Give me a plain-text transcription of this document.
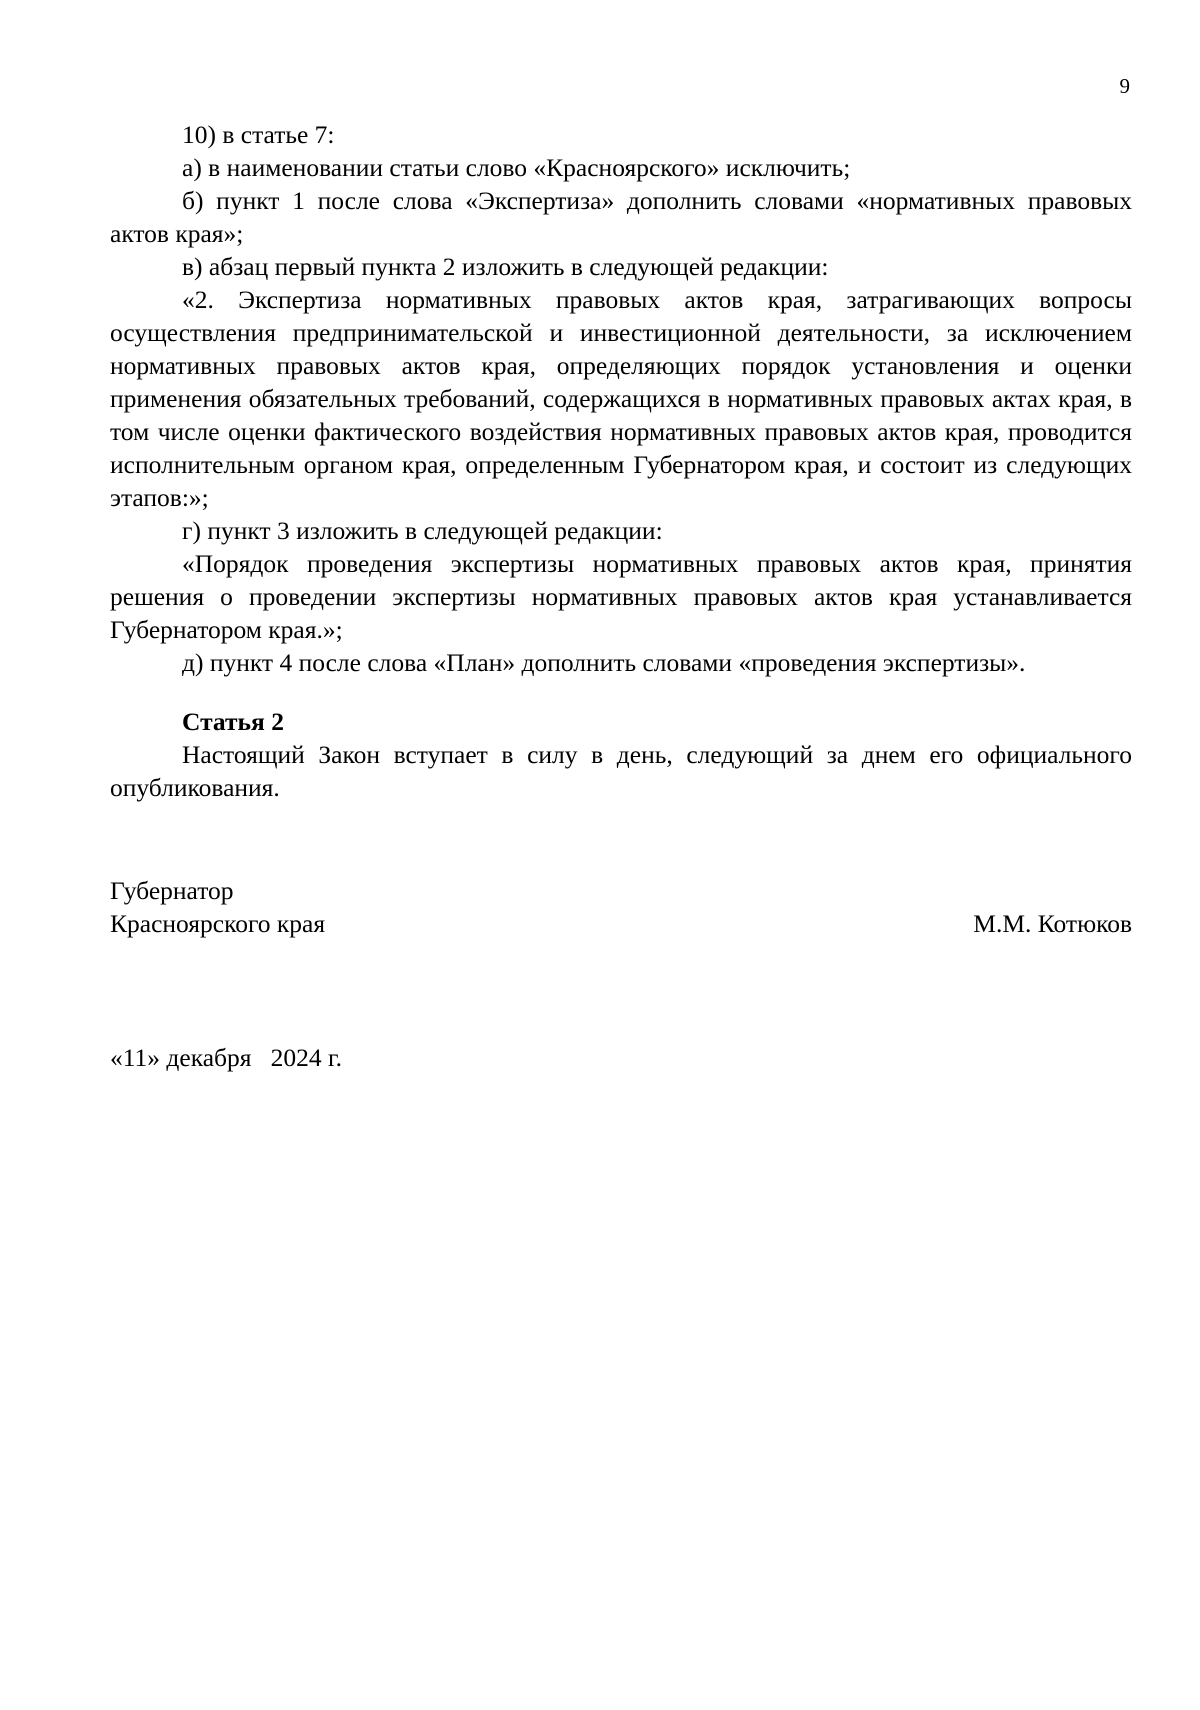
9

10) в статье 7:

а) в наименовании статьи слово «Красноярского» исключить;

б) пункт 1 после слова «Экспертиза» дополнить словами «нормативных правовых актов края»;

в) абзац первый пункта 2 изложить в следующей редакции:

«2. Экспертиза нормативных правовых актов края, затрагивающих вопросы осуществления предпринимательской и инвестиционной деятельности, за исключением нормативных правовых актов края, определяющих порядок установления и оценки применения обязательных требований, содержащихся в нормативных правовых актах края, в том числе оценки фактического воздействия нормативных правовых актов края, проводится исполнительным органом края, определенным Губернатором края, и состоит из следующих этапов:»;

г) пункт 3 изложить в следующей редакции:

«Порядок проведения экспертизы нормативных правовых актов края, принятия решения о проведении экспертизы нормативных правовых актов края устанавливается Губернатором края.»;

д) пункт 4 после слова «План» дополнить словами «проведения экспертизы».

Статья 2

Настоящий Закон вступает в силу в день, следующий за днем его официального опубликования.

Губернатор
Красноярского края	М.М. Котюков
«11» декабря   2024 г.
